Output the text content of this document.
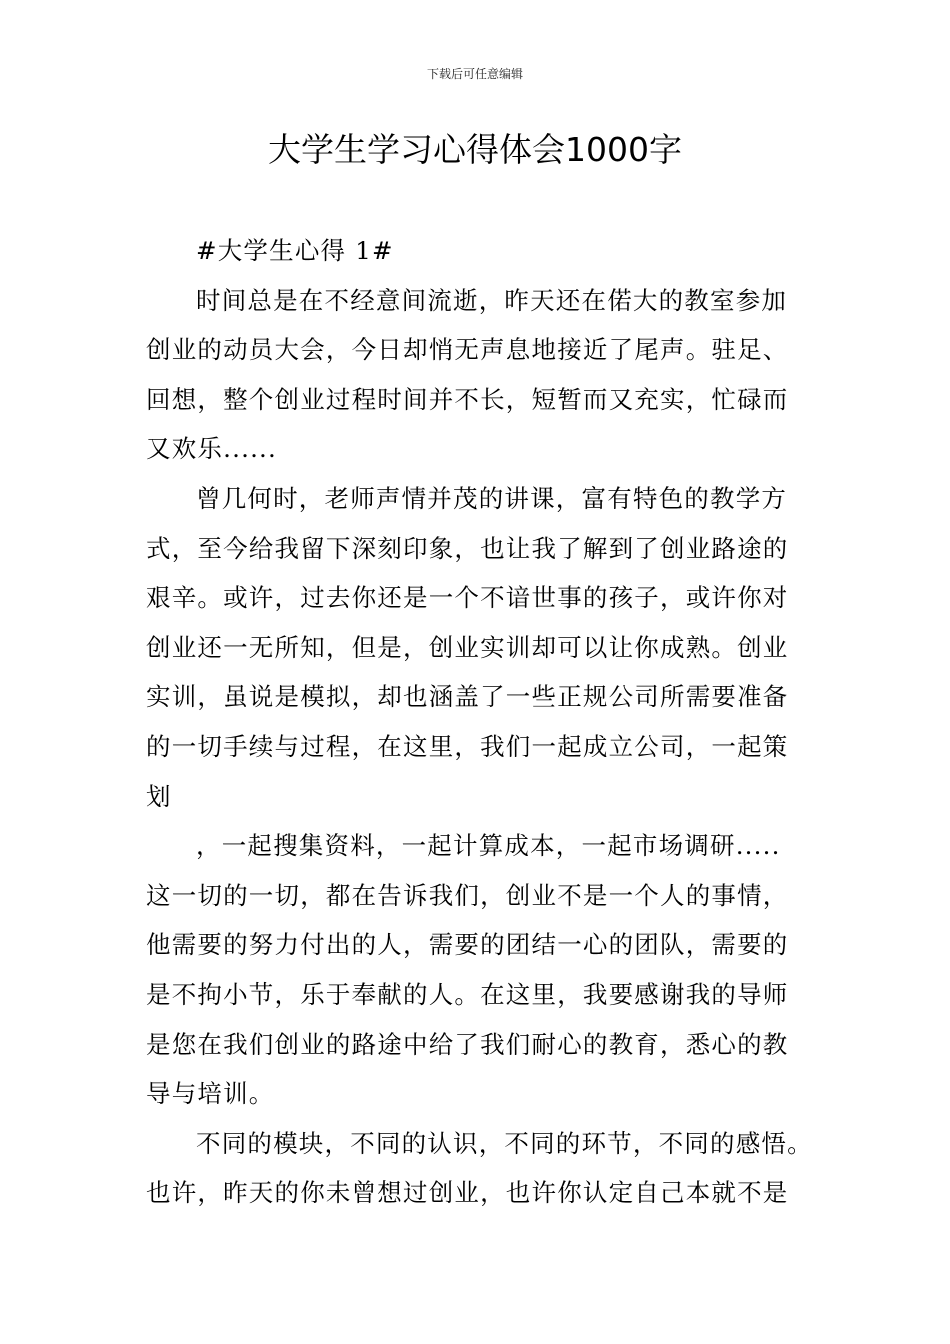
下载后可任意编辑
大学生学习心得体会1000字
#大学生心得 1#
时间总是在不经意间流逝，昨天还在偌大的教室参加
创业的动员大会，今日却悄无声息地接近了尾声。驻足、
回想，整个创业过程时间并不长，短暂而又充实，忙碌而
又欢乐......
曾几何时，老师声情并茂的讲课，富有特色的教学方
式，至今给我留下深刻印象，也让我了解到了创业路途的
艰辛。或许，过去你还是一个不谙世事的孩子，或许你对
创业还一无所知，但是，创业实训却可以让你成熟。创业
实训，虽说是模拟，却也涵盖了一些正规公司所需要准备
的一切手续与过程，在这里，我们一起成立公司，一起策
划
，一起搜集资料，一起计算成本，一起市场调研.....
这一切的一切，都在告诉我们，创业不是一个人的事情，
他需要的努力付出的人，需要的团结一心的团队，需要的
是不拘小节，乐于奉献的人。在这里，我要感谢我的导师
是您在我们创业的路途中给了我们耐心的教育，悉心的教
导与培训。
不同的模块，不同的认识，不同的环节，不同的感悟。
也许，昨天的你未曾想过创业，也许你认定自己本就不是
